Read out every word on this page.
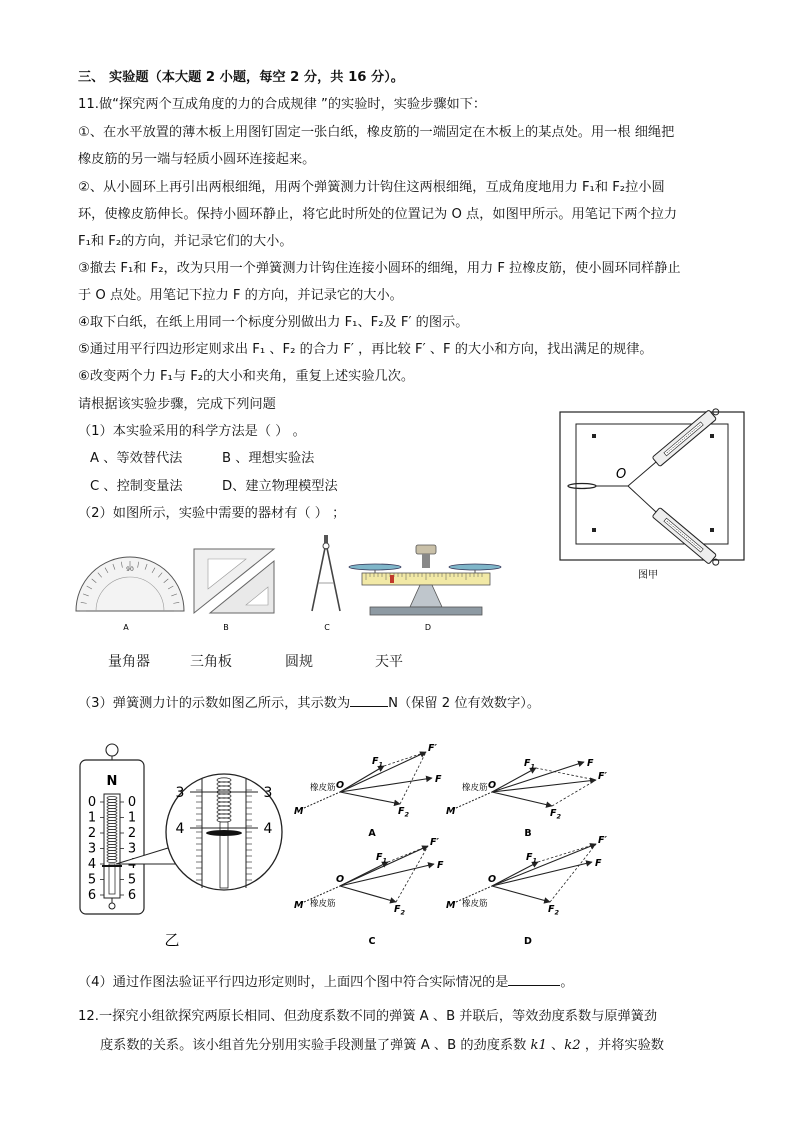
三、 实验题（本大题 2 小题，每空 2 分，共 16 分）。
11.做“探究两个互成角度的力的合成规律 ”的实验时，实验步骤如下：
①、在水平放置的薄木板上用图钉固定一张白纸，橡皮筋的一端固定在木板上的某点处。用一根 细绳把
橡皮筋的另一端与轻质小圆环连接起来。
②、从小圆环上再引出两根细绳，用两个弹簧测力计钩住这两根细绳，互成角度地用力 F₁和 F₂拉小圆
环，使橡皮筋伸长。保持小圆环静止，将它此时所处的位置记为 O 点，如图甲所示。用笔记下两个拉力
F₁和 F₂的方向，并记录它们的大小。
③撤去 F₁和 F₂，改为只用一个弹簧测力计钩住连接小圆环的细绳，用力 F 拉橡皮筋，使小圆环同样静止
于 O 点处。用笔记下拉力 F 的方向，并记录它的大小。
④取下白纸，在纸上用同一个标度分别做出力 F₁、F₂及 F′ 的图示。
⑤通过用平行四边形定则求出 F₁ 、F₂ 的合力 F′ ，再比较 F′ 、F 的大小和方向，找出满足的规律。
⑥改变两个力 F₁与 F₂的大小和夹角，重复上述实验几次。
请根据该实验步骤，完成下列问题
（1）本实验采用的科学方法是（ ） 。
A 、等效替代法	B 、理想实验法
C 、控制变量法	D、建立物理模型法
（2）如图所示，实验中需要的器材有（ ） ；
量角器	三角板	圆规	天平
（3）弹簧测力计的示数如图乙所示，其示数为	N（保留 2 位有效数字）。
（4）通过作图法验证平行四边形定则时，上面四个图中符合实际情况的是	。
12.一探究小组欲探究两原长相同、但劲度系数不同的弹簧 A 、B 并联后，等效劲度系数与原弹簧劲
度系数的关系。该小组首先分别用实验手段测量了弹簧 A 、B 的劲度系数 k1 、k2 ，并将实验数
O
图甲
90
A	B	C	D
N
0 0
1 1
2 2
3 3
4
5 5
6 6
3	3
4	4
乙
$F_1$
$F_2$
F
F′
O
M
橡皮筋
A
$F_1$
$F_2$
F
F′
O
M
橡皮筋
B
$F_1$
$F_2$
F
F′
O
M 橡皮筋
C
$F_1$
$F_2$
F
F′
O
M 橡皮筋
D
